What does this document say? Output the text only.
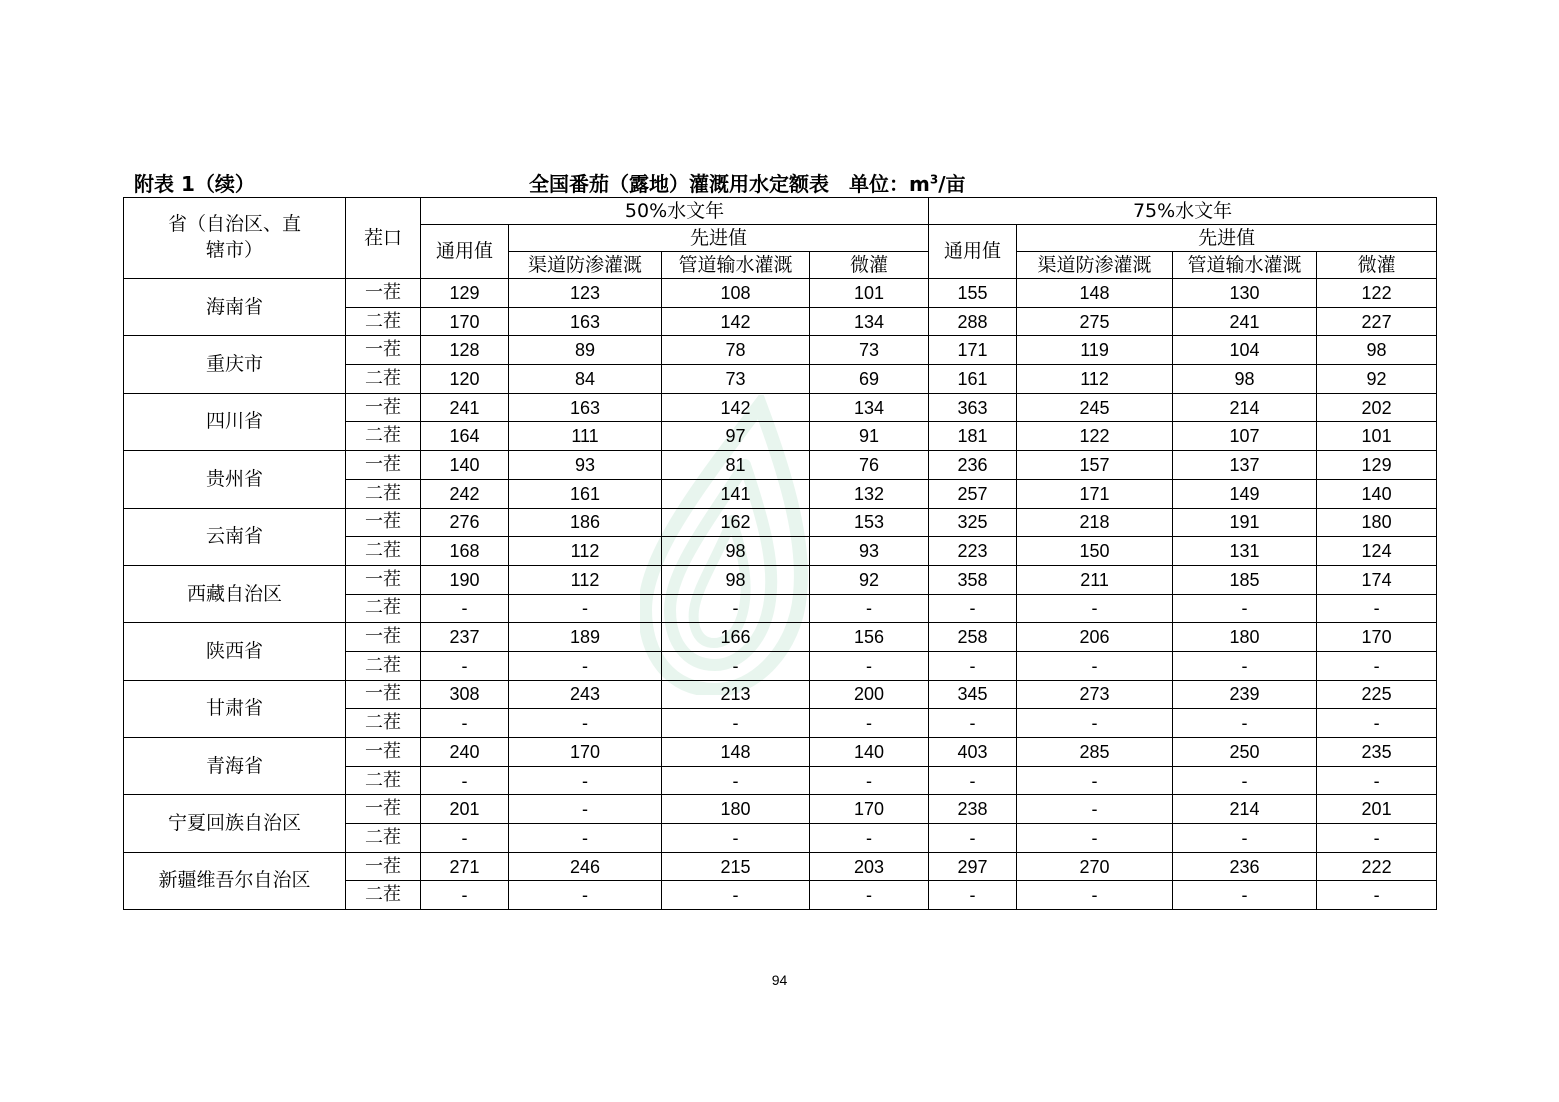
附表 1（续）	全国番茄（露地）灌溉用水定额表　单位：$m^3/$亩
省（自治区、直辖市）	茬口	50%水文年				75%水文年			
		通用值	先进值			通用值	先进值		
			渠道防渗灌溉	管道输水灌溉	微灌		渠道防渗灌溉	管道输水灌溉	微灌
海南省	一茬	129	123	108	101	155	148	130	122
	二茬	170	163	142	134	288	275	241	227
重庆市	一茬	128	89	78	73	171	119	104	98
	二茬	120	84	73	69	161	112	98	92
四川省	一茬	241	163	142	134	363	245	214	202
	二茬	164	111	97	91	181	122	107	101
贵州省	一茬	140	93	81	76	236	157	137	129
	二茬	242	161	141	132	257	171	149	140
云南省	一茬	276	186	162	153	325	218	191	180
	二茬	168	112	98	93	223	150	131	124
西藏自治区	一茬	190	112	98	92	358	211	185	174
	二茬	-	-	-	-	-	-	-	-
陕西省	一茬	237	189	166	156	258	206	180	170
	二茬	-	-	-	-	-	-	-	-
甘肃省	一茬	308	243	213	200	345	273	239	225
	二茬	-	-	-	-	-	-	-	-
青海省	一茬	240	170	148	140	403	285	250	235
	二茬	-	-	-	-	-	-	-	-
宁夏回族自治区	一茬	201	-	180	170	238	-	214	201
	二茬	-	-	-	-	-	-	-	-
新疆维吾尔自治区	一茬	271	246	215	203	297	270	236	222
	二茬	-	-	-	-	-	-	-	-
94
